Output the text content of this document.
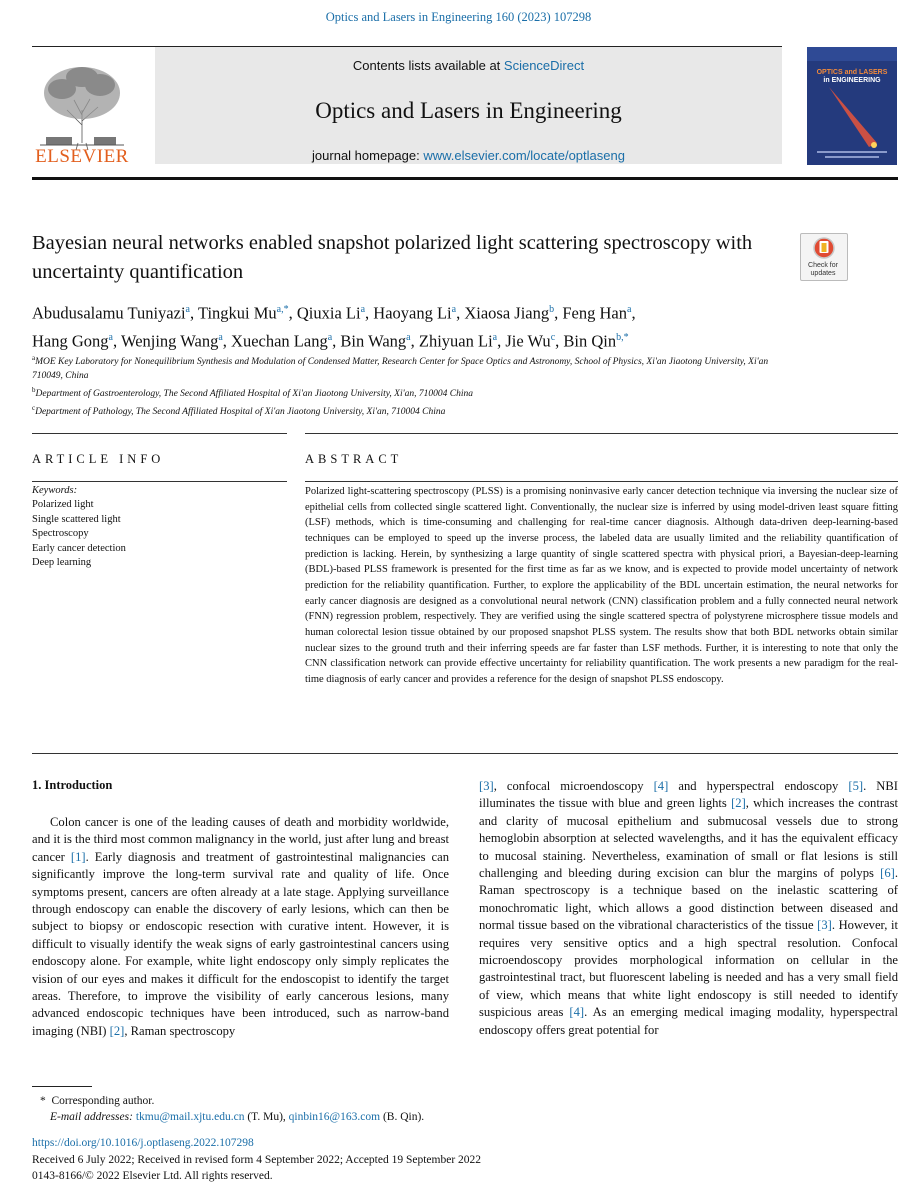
Optics and Lasers in Engineering 160 (2023) 107298
Contents lists available at ScienceDirect
Optics and Lasers in Engineering
journal homepage: www.elsevier.com/locate/optlaseng
ELSEVIER
OPTICS and LASERS
in ENGINEERING
Bayesian neural networks enabled snapshot polarized light scattering spectroscopy with uncertainty quantification	Check for updates
Abudusalamu Tuniyazi$^a$, Tingkui $Mu^{a,*}$, Qiuxia Li$^a$, Haoyang Li$^a$, Xiaosa Jiang$^b$, Feng Han$^a$,
Hang Gong$^a$, Wenjing Wang$^a$, Xuechan Lang$^a$, Bin Wang$^a$, Zhiyuan Li$^a$, Jie Wu$^c$, Bin Qin$^{b,*}$
$^a$MOE Key Laboratory for Nonequilibrium Synthesis and Modulation of Condensed Matter, Research Center for Space Optics and Astronomy, School of Physics, Xi'an Jiaotong University, Xi'an 710049, China
$^b$Department of Gastroenterology, The Second Affiliated Hospital of Xi'an Jiaotong University, Xi'an, 710004 China
$^c$Department of Pathology, The Second Affiliated Hospital of Xi'an Jiaotong University, Xi'an, 710004 China
ARTICLE INFO	ABSTRACT
Keywords:
Polarized light
Single scattered light
Spectroscopy
Early cancer detection
Deep learning
Polarized light-scattering spectroscopy (PLSS) is a promising noninvasive early cancer detection technique via inversing the nuclear size of epithelial cells from collected single scattered light. Conventionally, the nuclear size is inferred by using model-driven least square fitting (LSF) methods, which is time-consuming and challenging for real-time cancer diagnosis. Although data-driven deep-learning-based techniques can be employed to speed up the inverse process, the labeled data are usually limited and the reliability quantification of prediction is lacking. Herein, by synthesizing a large quantity of single scattered spectra with physical priori, a Bayesian-deep-learning (BDL)-based PLSS framework is presented for the first time as far as we know, and is expected to provide model uncertainty of network prediction for the reliability quantification. Further, to explore the applicability of the BDL uncertain estimation, the neural networks for early cancer diagnosis are designed as a convolutional neural network (CNN) classification problem and a fully connected neural network (FNN) regression problem, respectively. They are verified using the single scattered spectra of polystyrene microsphere tissue models and human colorectal lesion tissue obtained by our proposed snapshot PLSS system. The results show that both BDL networks obtain similar nuclear sizes to the ground truth and their inferring speeds are far faster than LSF methods. Further, it is interesting to note that only the CNN classification network can provide effective uncertainty for reliability quantification. The work presents a new paradigm for the real-time diagnosis of early cancer and provides a reference for the design of snapshot PLSS endoscopy.
1. Introduction
Colon cancer is one of the leading causes of death and morbidity worldwide, and it is the third most common malignancy in the world, just after lung and breast cancer [1]. Early diagnosis and treatment of gastrointestinal malignancies can significantly improve the long-term survival rate and quality of life. Once symptoms present, cancers are often already at a late stage. Applying surveillance through endoscopy can enable the discovery of early lesions, which can then be subject to biopsy or endoscopic resection with curative intent. However, it is difficult to visually identify the weak signs of early gastrointestinal cancers using endoscopy alone. For example, white light endoscopy only simply replicates the vision of our eyes and makes it difficult for the endoscopist to identify the target areas. Therefore, to improve the visibility of early cancerous lesions, many advanced endoscopic techniques have been introduced, such as narrow-band imaging (NBI) [2], Raman spectroscopy
[3], confocal microendoscopy [4] and hyperspectral endoscopy [5]. NBI illuminates the tissue with blue and green lights [2], which increases the contrast and clarity of mucosal epithelium and submucosal vessels due to strong hemoglobin absorption at selected wavelengths, and it has the equivalent efficacy to mucosal staining. Nevertheless, examination of small or flat lesions is still challenging and bleeding during excision can blur the margins of polyps [6]. Raman spectroscopy is a technique based on the inelastic scattering of monochromatic light, which allows a good distinction between diseased and normal tissue based on the vibrational characteristics of the tissue [3]. However, it requires very sensitive optics and a high spectral resolution. Confocal microendoscopy provides morphological information on cellular in the gastrointestinal tract, but fluorescent labeling is needed and has a very small field of view, which means that white light endoscopy is still needed to identify suspicious areas [4]. As an emerging medical imaging modality, hyperspectral endoscopy offers great potential for
* Corresponding author.
E-mail addresses: tkmu@mail.xjtu.edu.cn (T. Mu), qinbin16@163.com (B. Qin).
https://doi.org/10.1016/j.optlaseng.2022.107298
Received 6 July 2022; Received in revised form 4 September 2022; Accepted 19 September 2022
0143-8166/© 2022 Elsevier Ltd. All rights reserved.
